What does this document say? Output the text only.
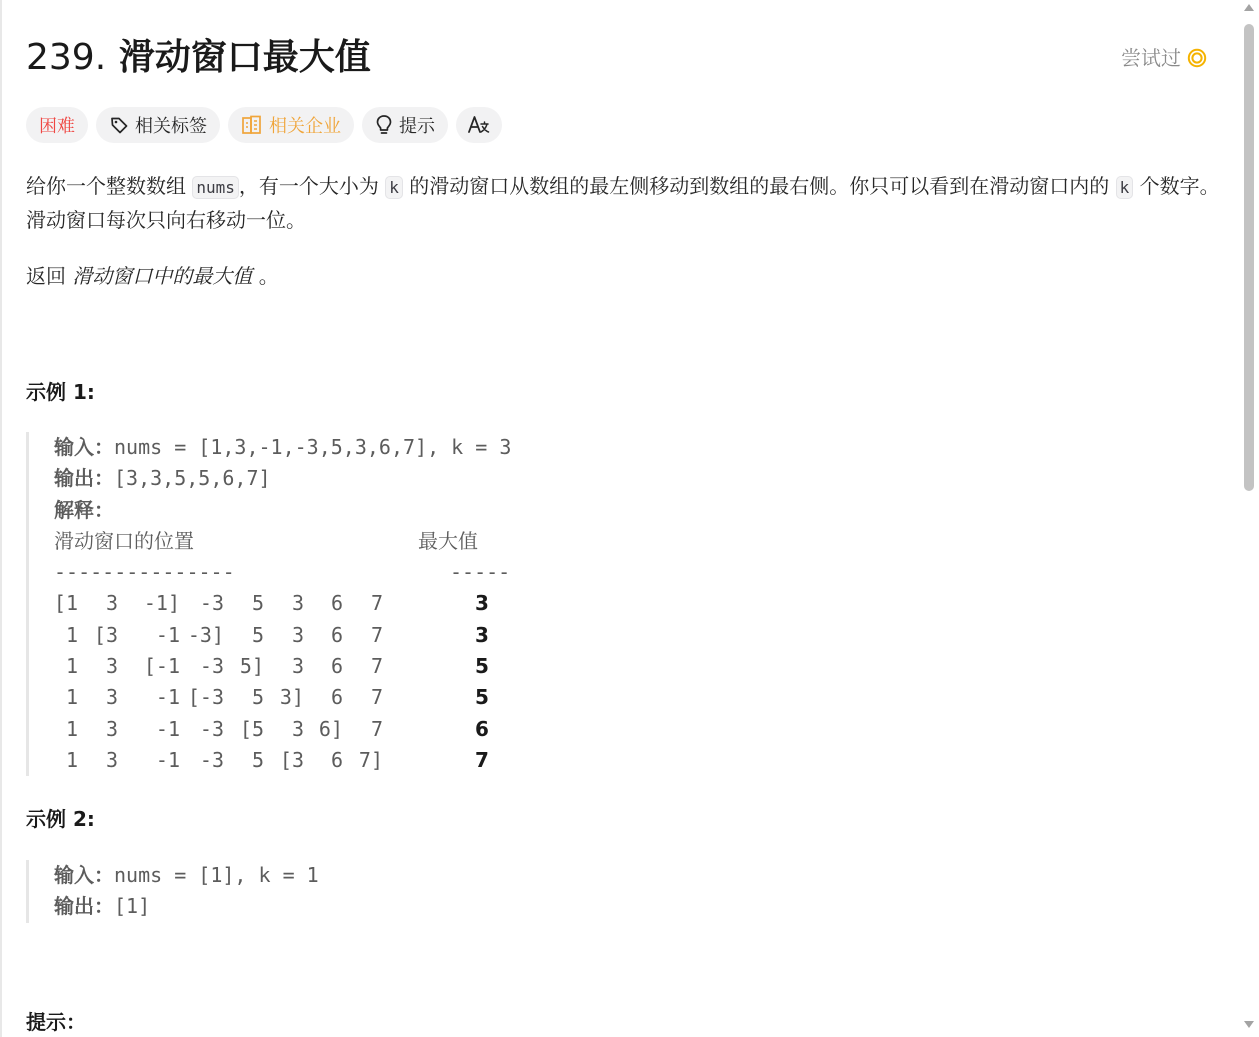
239. 滑动窗口最大值	尝试过
困难	相关标签	相关企业	提示
给你一个整数数组 nums ，有一个大小为 k 的滑动窗口从数组的最左侧移动到数组的最右侧。你只可以看到在滑动窗口内的 k 个数字。滑动窗口每次只向右移动一位。
返回 滑动窗口中的最大值 。
示例 1:
输入：nums = [1,3,-1,-3,5,3,6,7], k = 3
输出：[3,3,5,5,6,7]
解释：
滑动窗口的位置	最大值
---------------	-----
[1 3 -1] -3 5 3 6 7	3
1 [3 -1 -3] 5 3 6 7	3
1 3 [-1 -3 5] 3 6 7	5
1 3 -1 [-3 5 3] 6 7	5
1 3 -1 -3 [5 3 6] 7	6
1 3 -1 -3 5 [3 6 7]	7
示例 2:
输入：nums = [1], k = 1
输出：[1]
提示：
